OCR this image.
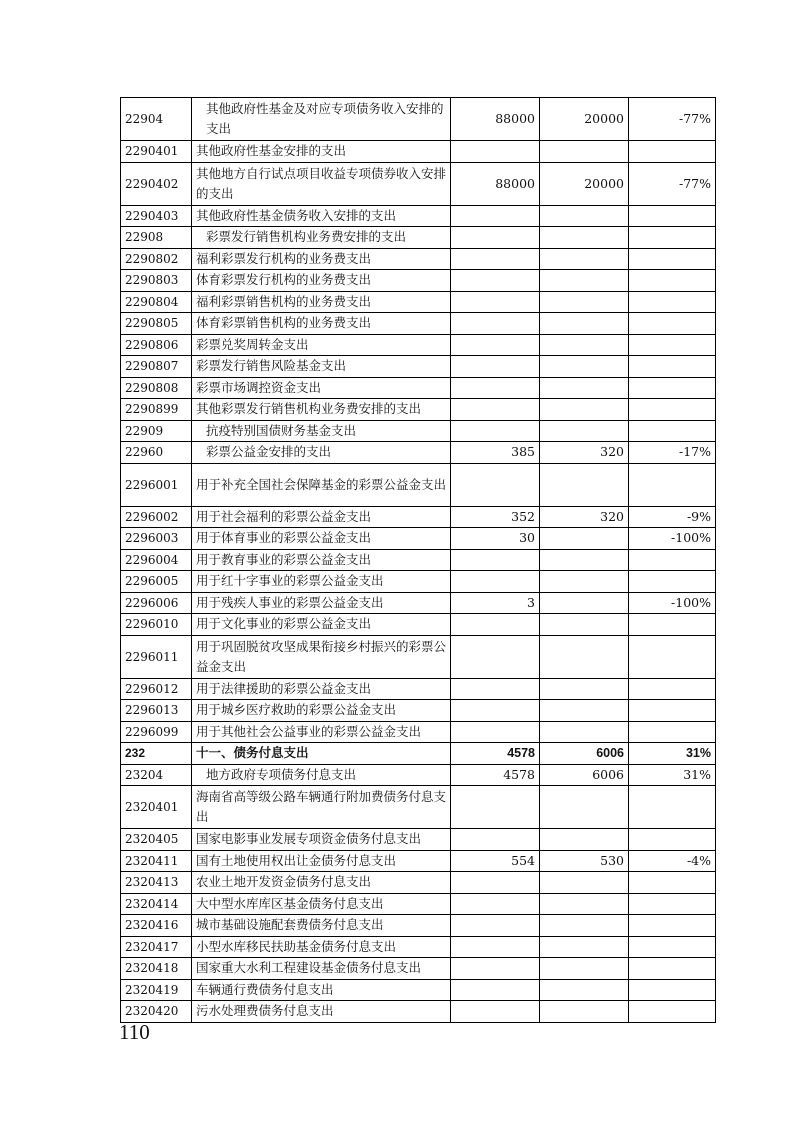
22904	其他政府性基金及对应专项债务收入安排的支出	88000	20000	-77%
2290401	其他政府性基金安排的支出			
2290402	其他地方自行试点项目收益专项债券收入安排的支出	88000	20000	-77%
2290403	其他政府性基金债务收入安排的支出			
22908	彩票发行销售机构业务费安排的支出			
2290802	福利彩票发行机构的业务费支出			
2290803	体育彩票发行机构的业务费支出			
2290804	福利彩票销售机构的业务费支出			
2290805	体育彩票销售机构的业务费支出			
2290806	彩票兑奖周转金支出			
2290807	彩票发行销售风险基金支出			
2290808	彩票市场调控资金支出			
2290899	其他彩票发行销售机构业务费安排的支出			
22909	抗疫特别国债财务基金支出			
22960	彩票公益金安排的支出	385	320	-17%
2296001	用于补充全国社会保障基金的彩票公益金支出			
2296002	用于社会福利的彩票公益金支出	352	320	-9%
2296003	用于体育事业的彩票公益金支出	30		-100%
2296004	用于教育事业的彩票公益金支出			
2296005	用于红十字事业的彩票公益金支出			
2296006	用于残疾人事业的彩票公益金支出	3		-100%
2296010	用于文化事业的彩票公益金支出			
2296011	用于巩固脱贫攻坚成果衔接乡村振兴的彩票公益金支出			
2296012	用于法律援助的彩票公益金支出			
2296013	用于城乡医疗救助的彩票公益金支出			
2296099	用于其他社会公益事业的彩票公益金支出			
232	十一、债务付息支出	4578	6006	31%
23204	地方政府专项债务付息支出	4578	6006	31%
2320401	海南省高等级公路车辆通行附加费债务付息支出			
2320405	国家电影事业发展专项资金债务付息支出			
2320411	国有土地使用权出让金债务付息支出	554	530	-4%
2320413	农业土地开发资金债务付息支出			
2320414	大中型水库库区基金债务付息支出			
2320416	城市基础设施配套费债务付息支出			
2320417	小型水库移民扶助基金债务付息支出			
2320418	国家重大水利工程建设基金债务付息支出			
2320419	车辆通行费债务付息支出			
2320420	污水处理费债务付息支出			
110
